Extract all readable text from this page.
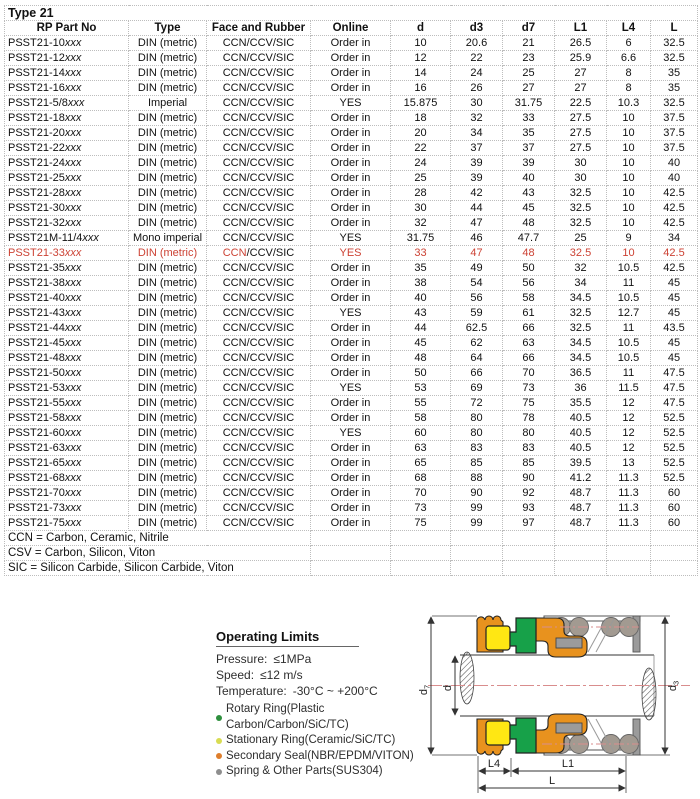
Type 21									
RP Part No	Type	Face and Rubber	Online	d	d3	d7	L1	L4	L
PSST21-10xxx	DIN (metric)	CCN/CCV/SIC	Order in	10	20.6	21	26.5	6	32.5
PSST21-12xxx	DIN (metric)	CCN/CCV/SIC	Order in	12	22	23	25.9	6.6	32.5
PSST21-14xxx	DIN (metric)	CCN/CCV/SIC	Order in	14	24	25	27	8	35
PSST21-16xxx	DIN (metric)	CCN/CCV/SIC	Order in	16	26	27	27	8	35
PSST21-5/8xxx	Imperial	CCN/CCV/SIC	YES	15.875	30	31.75	22.5	10.3	32.5
PSST21-18xxx	DIN (metric)	CCN/CCV/SIC	Order in	18	32	33	27.5	10	37.5
PSST21-20xxx	DIN (metric)	CCN/CCV/SIC	Order in	20	34	35	27.5	10	37.5
PSST21-22xxx	DIN (metric)	CCN/CCV/SIC	Order in	22	37	37	27.5	10	37.5
PSST21-24xxx	DIN (metric)	CCN/CCV/SIC	Order in	24	39	39	30	10	40
PSST21-25xxx	DIN (metric)	CCN/CCV/SIC	Order in	25	39	40	30	10	40
PSST21-28xxx	DIN (metric)	CCN/CCV/SIC	Order in	28	42	43	32.5	10	42.5
PSST21-30xxx	DIN (metric)	CCN/CCV/SIC	Order in	30	44	45	32.5	10	42.5
PSST21-32xxx	DIN (metric)	CCN/CCV/SIC	Order in	32	47	48	32.5	10	42.5
PSST21M-11/4xxx	Mono imperial	CCN/CCV/SIC	YES	31.75	46	47.7	25	9	34
PSST21-33xxx	DIN (metric)	CCN/CCV/SIC	YES	33	47	48	32.5	10	42.5
PSST21-35xxx	DIN (metric)	CCN/CCV/SIC	Order in	35	49	50	32	10.5	42.5
PSST21-38xxx	DIN (metric)	CCN/CCV/SIC	Order in	38	54	56	34	11	45
PSST21-40xxx	DIN (metric)	CCN/CCV/SIC	Order in	40	56	58	34.5	10.5	45
PSST21-43xxx	DIN (metric)	CCN/CCV/SIC	YES	43	59	61	32.5	12.7	45
PSST21-44xxx	DIN (metric)	CCN/CCV/SIC	Order in	44	62.5	66	32.5	11	43.5
PSST21-45xxx	DIN (metric)	CCN/CCV/SIC	Order in	45	62	63	34.5	10.5	45
PSST21-48xxx	DIN (metric)	CCN/CCV/SIC	Order in	48	64	66	34.5	10.5	45
PSST21-50xxx	DIN (metric)	CCN/CCV/SIC	Order in	50	66	70	36.5	11	47.5
PSST21-53xxx	DIN (metric)	CCN/CCV/SIC	YES	53	69	73	36	11.5	47.5
PSST21-55xxx	DIN (metric)	CCN/CCV/SIC	Order in	55	72	75	35.5	12	47.5
PSST21-58xxx	DIN (metric)	CCN/CCV/SIC	Order in	58	80	78	40.5	12	52.5
PSST21-60xxx	DIN (metric)	CCN/CCV/SIC	YES	60	80	80	40.5	12	52.5
PSST21-63xxx	DIN (metric)	CCN/CCV/SIC	Order in	63	83	83	40.5	12	52.5
PSST21-65xxx	DIN (metric)	CCN/CCV/SIC	Order in	65	85	85	39.5	13	52.5
PSST21-68xxx	DIN (metric)	CCN/CCV/SIC	Order in	68	88	90	41.2	11.3	52.5
PSST21-70xxx	DIN (metric)	CCN/CCV/SIC	Order in	70	90	92	48.7	11.3	60
PSST21-73xxx	DIN (metric)	CCN/CCV/SIC	Order in	73	99	93	48.7	11.3	60
PSST21-75xxx	DIN (metric)	CCN/CCV/SIC	Order in	75	99	97	48.7	11.3	60
CCN = Carbon, Ceramic, Nitrile									
CSV = Carbon, Silicon, Viton									
SIC = Silicon Carbide, Silicon Carbide, Viton									
Operating Limits
Pressure: ≤1MPa
Speed: ≤12 m/s
Temperature: -30°C ~ +200°C
Rotary Ring(Plastic Carbon/Carbon/SiC/TC)
Stationary Ring(Ceramic/SiC/TC)
Secondary Seal(NBR/EPDM/VITON)
Spring & Other Parts(SUS304)
$d_7$ d	$d_3$
L4	L1
L
